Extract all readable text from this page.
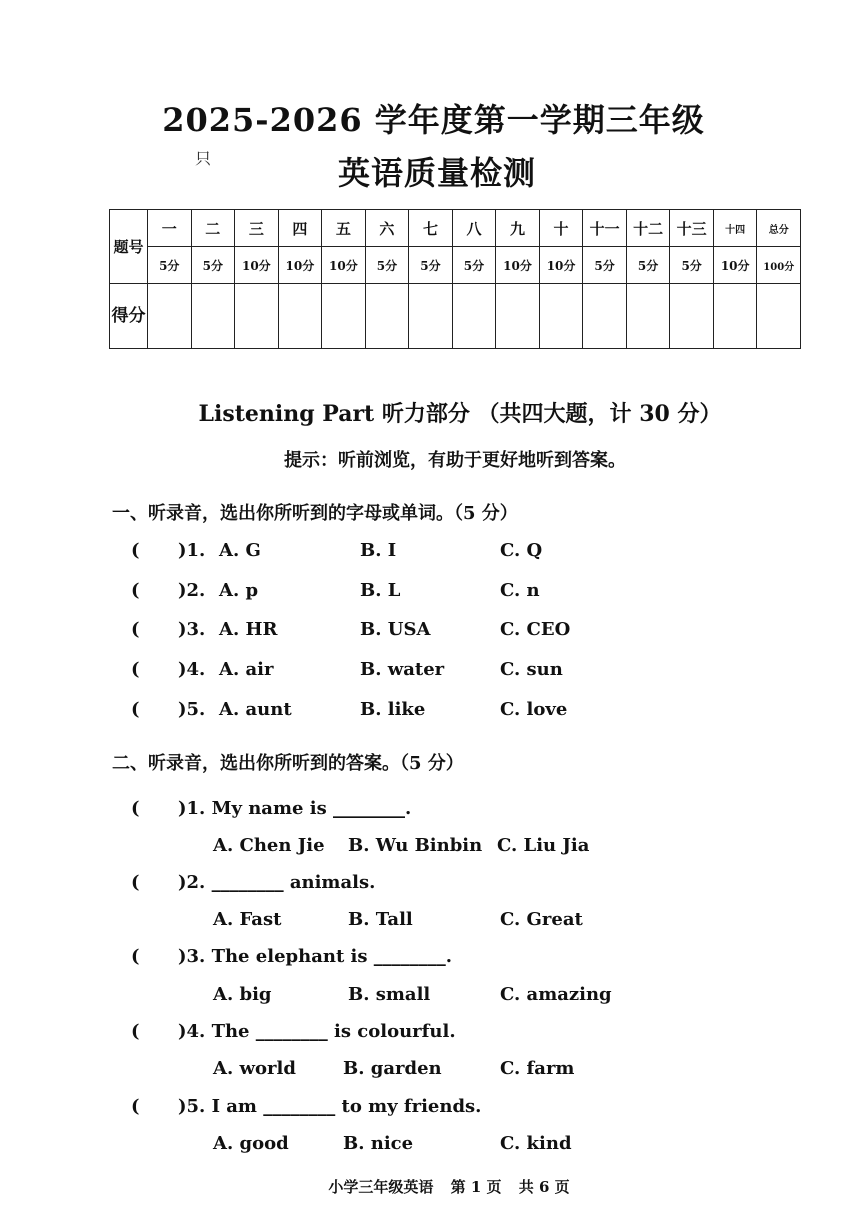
2025-2026 学年度第一学期三年级
只	英语质量检测
题号	一	二	三	四	五	六	七	八	九	十	十一	十二	十三	十四	总分
	5分	5分	10分	10分	10分	5分	5分	5分	10分	10分	5分	5分	5分	10分	100分
得分															
Listening Part 听力部分 （共四大题，计 30 分）
提示：听前浏览，有助于更好地听到答案。
一、听录音，选出你所听到的字母或单词。（5 分）
( )1. A. G	B. I	C. Q
( )2. A. p	B. L	C. n
( )3. A. HR	B. USA	C. CEO
( )4. A. air	B. water	C. sun
( )5. A. aunt	B. like	C. love
二、听录音，选出你所听到的答案。（5 分）
( )1. My name is ________.
A. Chen Jie B. Wu Binbin C. Liu Jia
( )2. ________ animals.
A. Fast	B. Tall	C. Great
( )3. The elephant is ________.
A. big	B. small	C. amazing
( )4. The ________ is colourful.
A. world	B. garden	C. farm
( )5. I am ________ to my friends.
A. good	B. nice	C. kind
小学三年级英语 第 1 页 共 6 页
